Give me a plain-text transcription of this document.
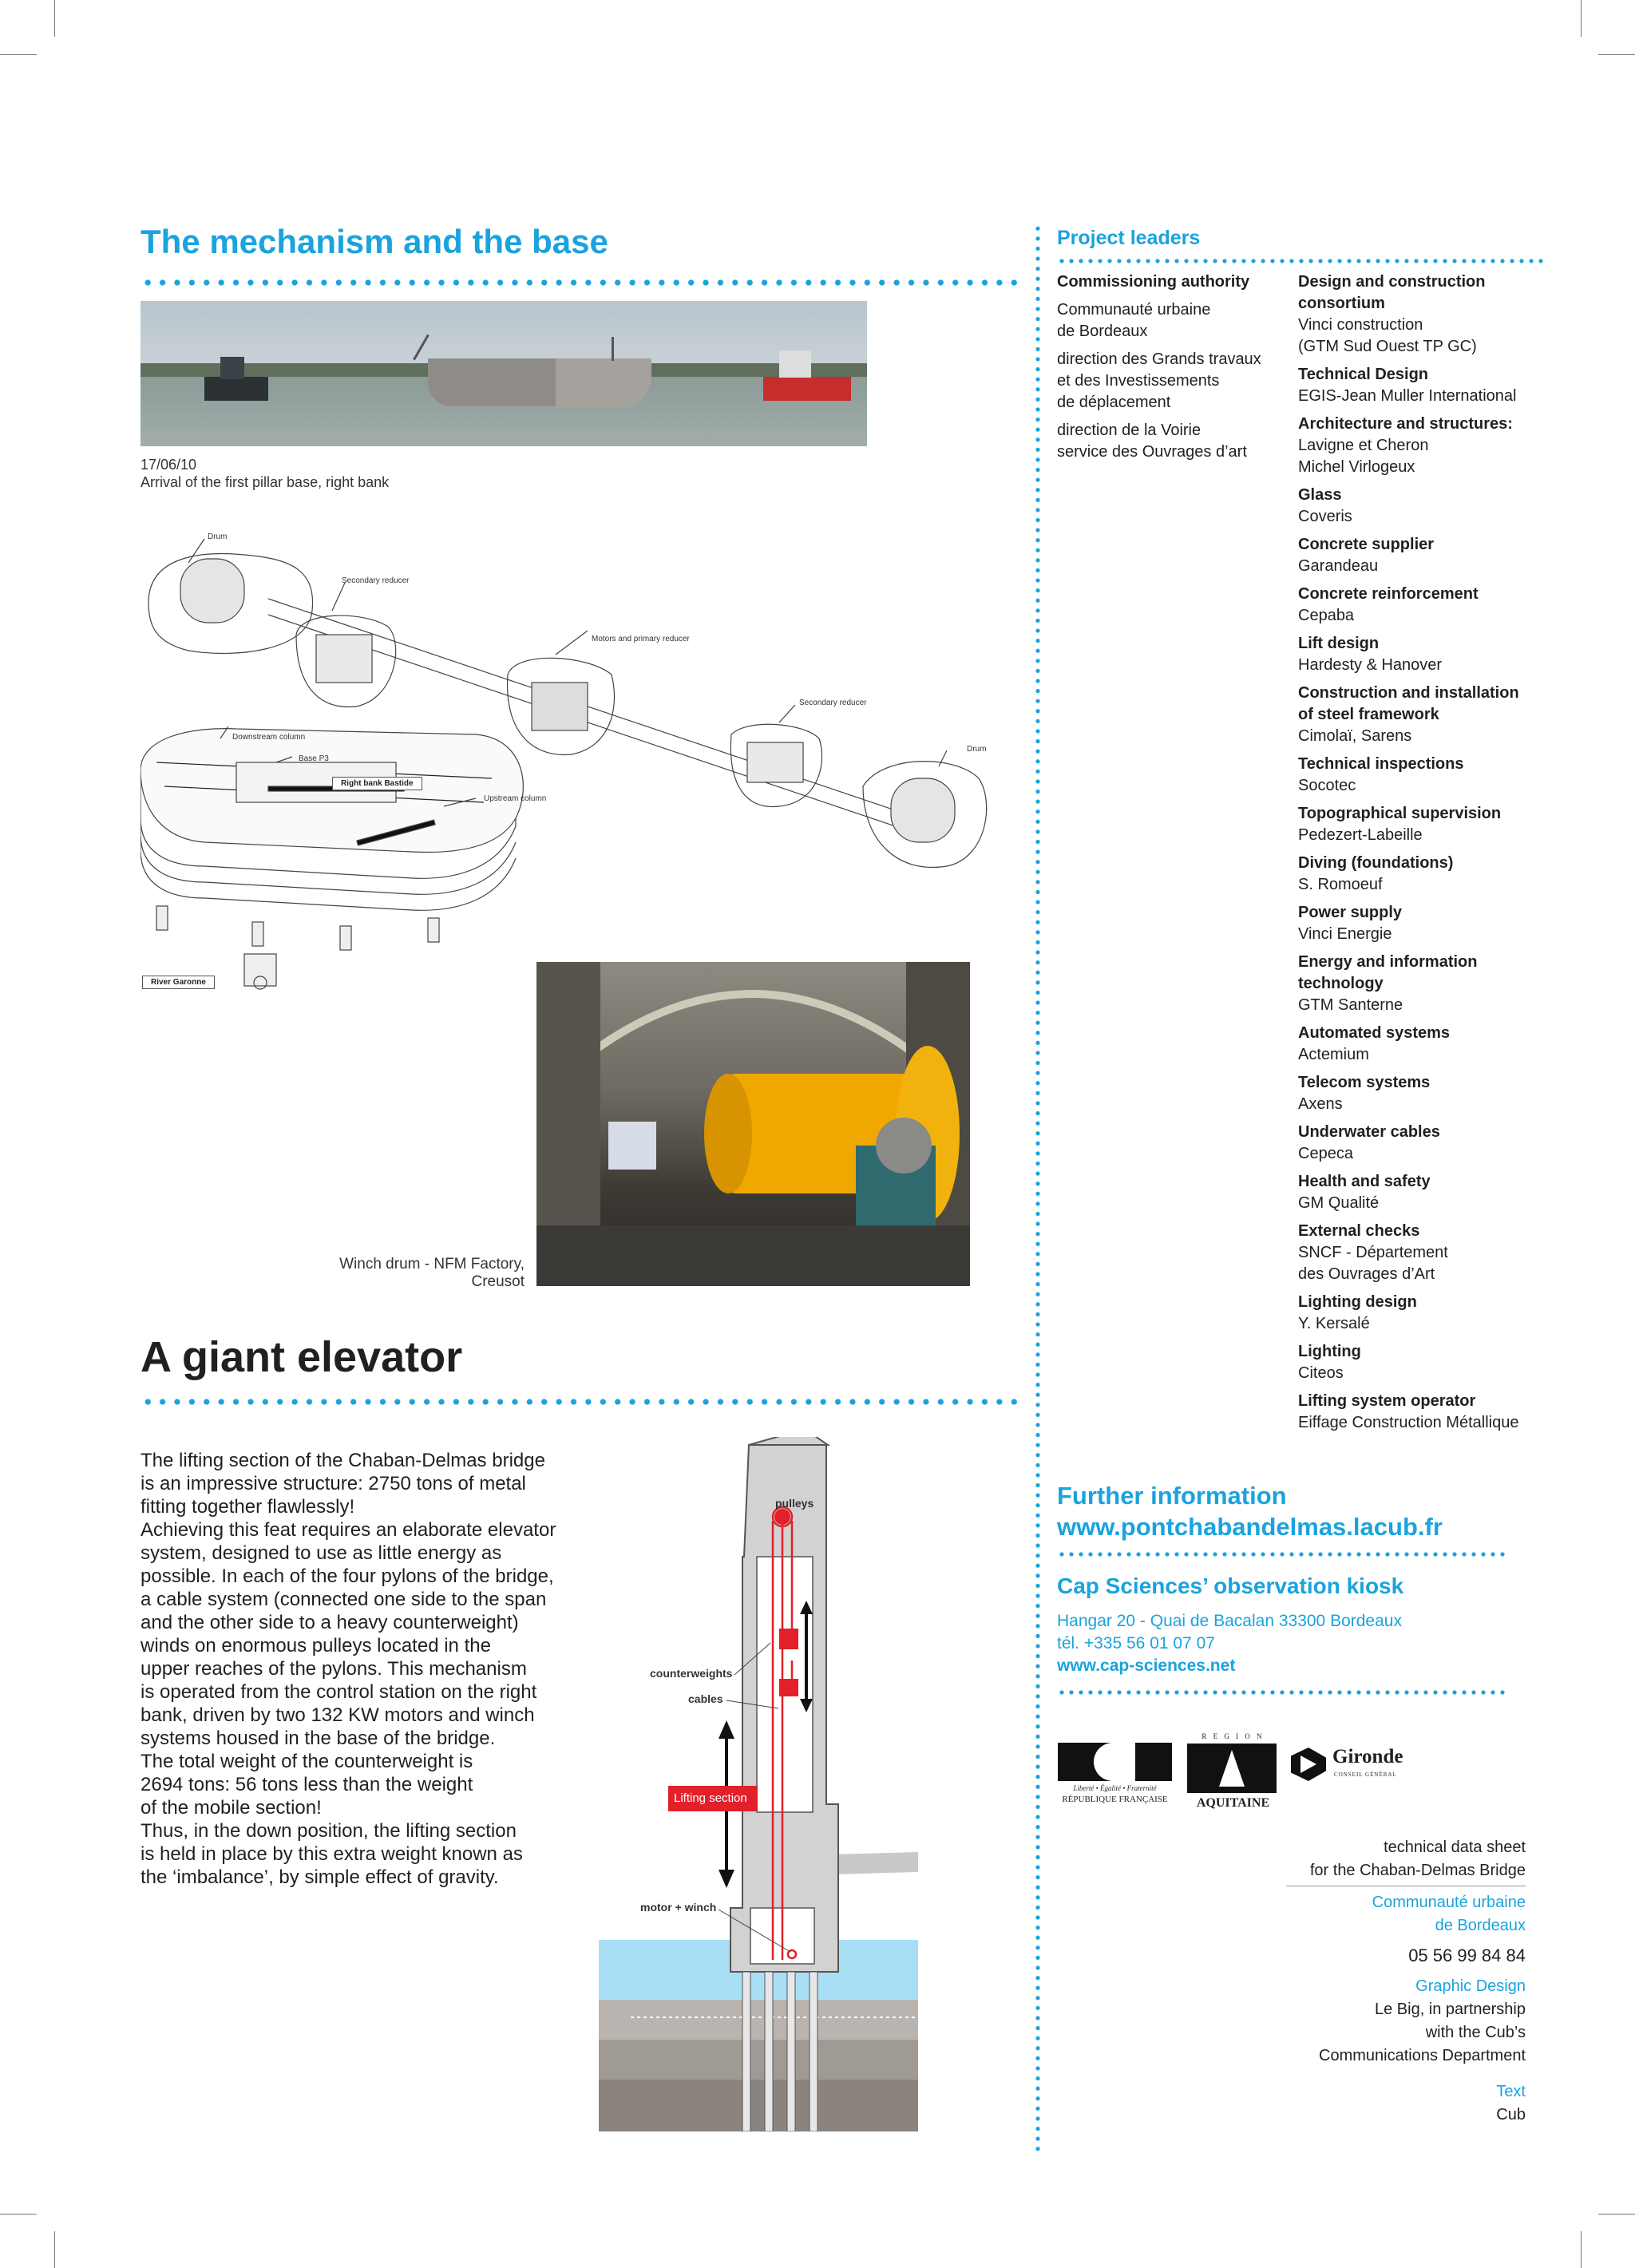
The mechanism and the base
17/06/10
Arrival of the first pillar base, right bank
Drum
Secondary reducer
Motors and primary reducer
Secondary reducer
Drum
Downstream column
Base P3
Right bank Bastide
Upstream column
River Garonne
Winch drum - NFM Factory,
Creusot
A giant elevator
The lifting section of the Chaban-Delmas bridge
is an impressive structure: 2750 tons of metal
fitting together flawlessly!
Achieving this feat requires an elaborate elevator
system, designed to use as little energy as
possible. In each of the four pylons of the bridge,
a cable system (connected one side to the span
and the other side to a heavy counterweight)
winds on enormous pulleys located in the
upper reaches of the pylons. This mechanism
is operated from the control station on the right
bank, driven by two 132 KW motors and winch
systems housed in the base of the bridge.
The total weight of the counterweight is
2694 tons: 56 tons less than the weight
of the mobile section!
Thus, in the down position, the lifting section
is held in place by this extra weight known as
the ‘imbalance’, by simple effect of gravity.
pulleys
counterweights
cables
Lifting section
motor + winch
Project leaders
Commissioning authority
Communauté urbaine
de Bordeaux
direction des Grands travaux
et des Investissements
de déplacement
direction de la Voirie
service des Ouvrages d’art
Design and construction
consortium
Vinci construction
(GTM Sud Ouest TP GC)
Technical Design
EGIS-Jean Muller International
Architecture and structures:
Lavigne et Cheron
Michel Virlogeux
Glass
Coveris
Concrete supplier
Garandeau
Concrete reinforcement
Cepaba
Lift design
Hardesty & Hanover
Construction and installation
of steel framework
Cimolaï, Sarens
Technical inspections
Socotec
Topographical supervision
Pedezert-Labeille
Diving (foundations)
S. Romoeuf
Power supply
Vinci Energie
Energy and information
technology
GTM Santerne
Automated systems
Actemium
Telecom systems
Axens
Underwater cables
Cepeca
Health and safety
GM Qualité
External checks
SNCF - Département
des Ouvrages d’Art
Lighting design
Y. Kersalé
Lighting
Citeos
Lifting system operator
Eiffage Construction Métallique
Further information
www.pontchabandelmas.lacub.fr
Cap Sciences’ observation kiosk
Hangar 20 - Quai de Bacalan 33300 Bordeaux
tél. +335 56 01 07 07
www.cap-sciences.net
Liberté • Égalité • Fraternité
RÉPUBLIQUE FRANÇAISE
R E G I O N
AQUITAINE
Gironde
CONSEIL GÉNÉRAL
technical data sheet
for the Chaban-Delmas Bridge
Communauté urbaine
de Bordeaux
05 56 99 84 84
Graphic Design
Le Big, in partnership
with the Cub’s
Communications Department
Text
Cub
